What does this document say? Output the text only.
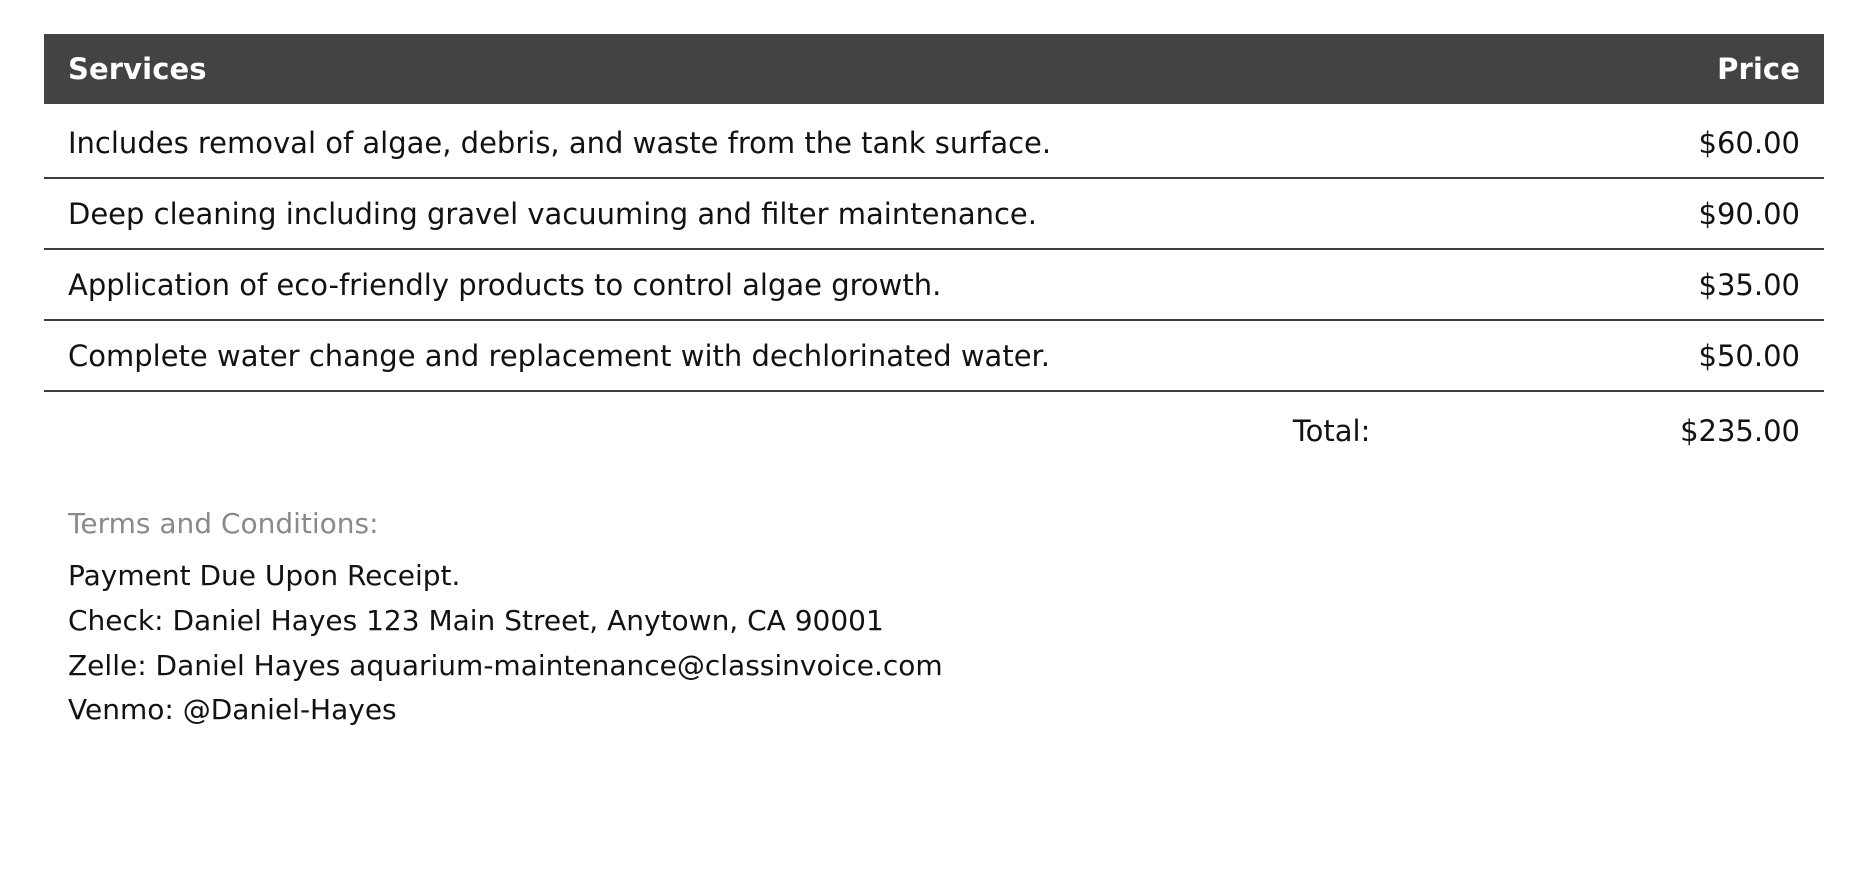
Services	Price
Includes removal of algae, debris, and waste from the tank surface.	$60.00
Deep cleaning including gravel vacuuming and filter maintenance.	$90.00
Application of eco-friendly products to control algae growth.	$35.00
Complete water change and replacement with dechlorinated water.	$50.00
Total:	$235.00
Terms and Conditions:
Payment Due Upon Receipt.
Check: Daniel Hayes 123 Main Street, Anytown, CA 90001
Zelle: Daniel Hayes aquarium-maintenance@classinvoice.com
Venmo: @Daniel-Hayes
